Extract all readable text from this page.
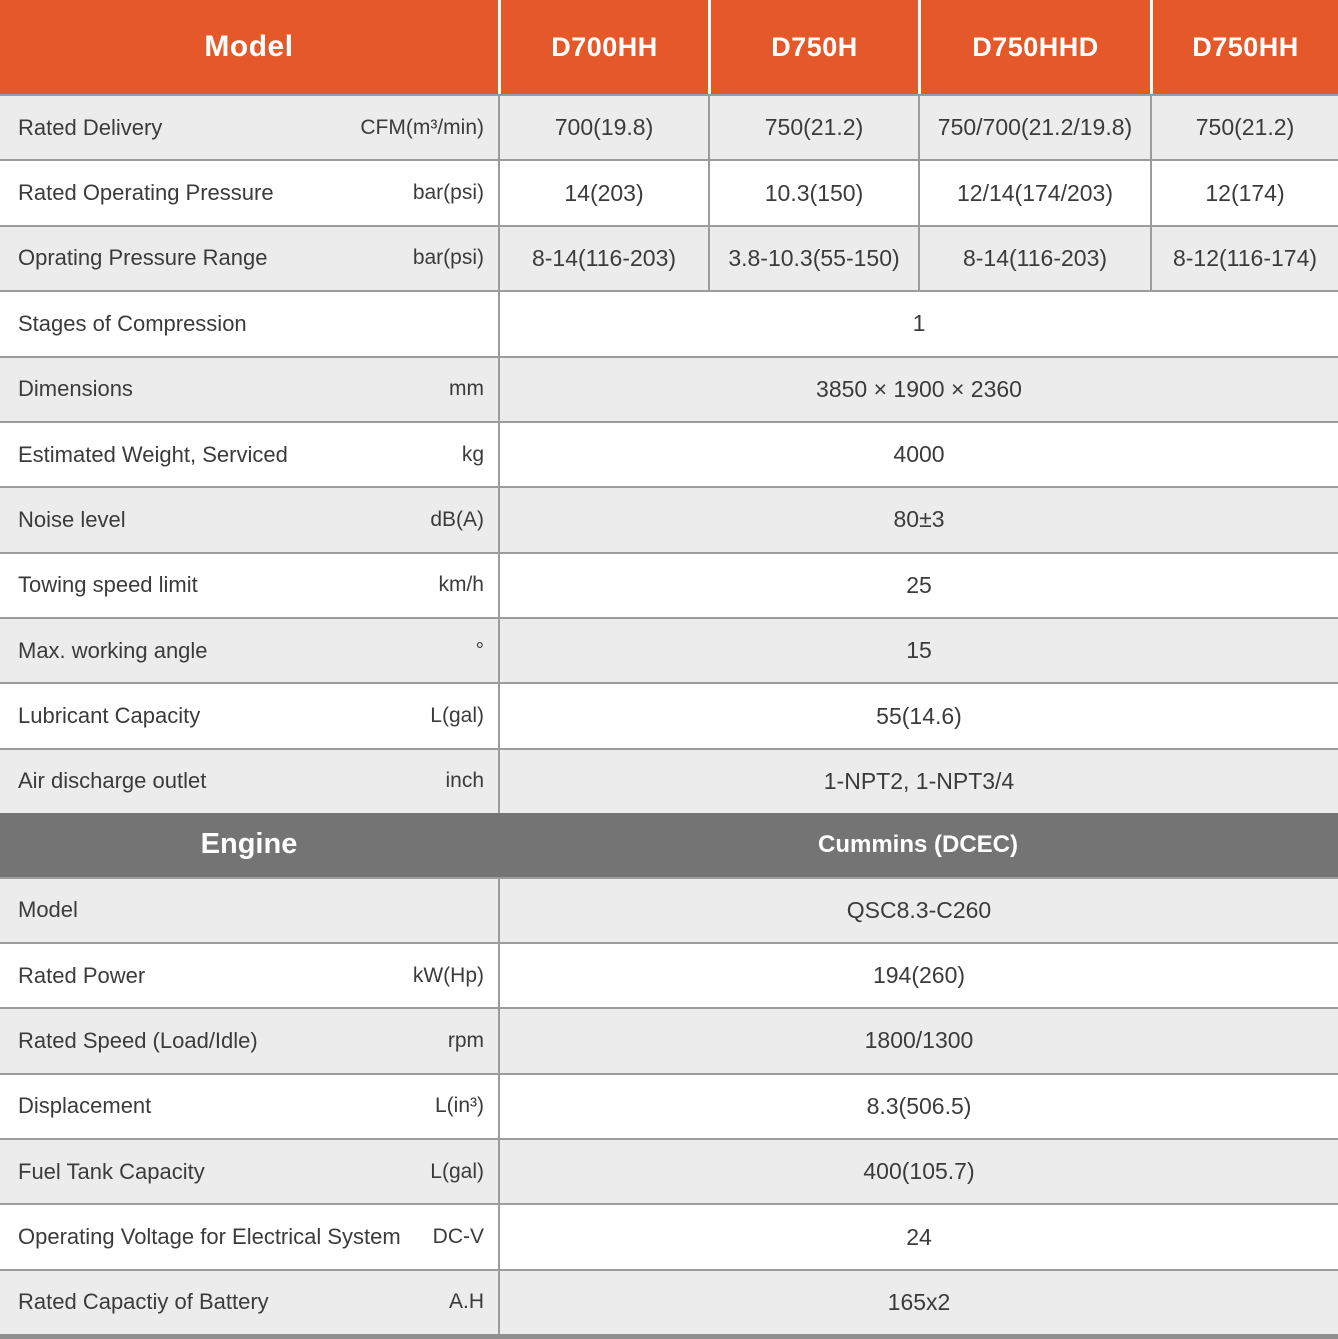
Model	D700HH	D750H	D750HHD	D750HH
Rated Delivery	CFM(m³/min)	700(19.8)	750(21.2)	750/700(21.2/19.8)	750(21.2)
Rated Operating Pressure	bar(psi)	14(203)	10.3(150)	12/14(174/203)	12(174)
Oprating Pressure Range	bar(psi)	8-14(116-203)	3.8-10.3(55-150)	8-14(116-203)	8-12(116-174)
Stages of Compression	1
Dimensions	mm	3850 × 1900 × 2360
Estimated Weight, Serviced	kg	4000
Noise level	dB(A)	80±3
Towing speed limit	km/h	25
Max. working angle	°	15
Lubricant Capacity	L(gal)	55(14.6)
Air discharge outlet	inch	1-NPT2, 1-NPT3/4
Engine	Cummins (DCEC)
Model	QSC8.3-C260
Rated Power	kW(Hp)	194(260)
Rated Speed (Load/Idle)	rpm	1800/1300
Displacement	L(in³)	8.3(506.5)
Fuel Tank Capacity	L(gal)	400(105.7)
Operating Voltage for Electrical System DC-V	24
Rated Capactiy of Battery	A.H	165x2
